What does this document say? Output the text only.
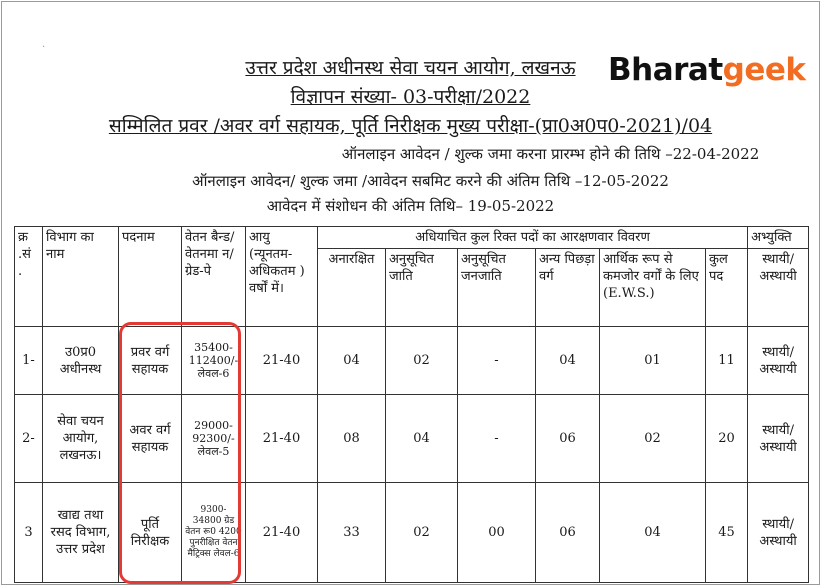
·
उत्तर प्रदेश अधीनस्थ सेवा चयन आयोग, लखनऊ
विज्ञापन संख्या- 03-परीक्षा/2022
सम्मिलित प्रवर /अवर वर्ग सहायक, पूर्ति निरीक्षक मुख्य परीक्षा-(प्रा0अ0प0-2021)/04
ऑनलाइन आवेदन / शुल्क जमा करना प्रारम्भ होने की तिथि –22-04-2022
ऑनलाइन आवेदन/ शुल्क जमा /आवेदन सबमिट करने की अंतिम तिथि –12-05-2022
आवेदन में संशोधन की अंतिम तिथि– 19-05-2022
Bharatgeek
क्र .सं .	विभाग का नाम	पदनाम	वेतन बैन्ड/ वेतनमा न/ग्रेड-पे	आयु (न्यूनतम- अधिकतम ) वर्षों में।	अधियाचित कुल रिक्त पदों का आरक्षणवार विवरण						अभ्युक्ति
					अनारक्षित	अनुसूचित जाति	अनुसूचित जनजाति	अन्य पिछड़ा वर्ग	आर्थिक रूप से कमजोर वर्गों के लिए (E.W.S.)	कुल पद	स्थायी/ अस्थायी
1-	उ0प्र0 अधीनस्थ	प्रवर वर्ग सहायक	35400- 112400/- लेवल-6	21-40	04	02	-	04	01	11	स्थायी/ अस्थायी
2-	सेवा चयन आयोग, लखनऊ।	अवर वर्ग सहायक	29000- 92300/- लेवल-5	21-40	08	04	-	06	02	20	स्थायी/ अस्थायी
3	खाद्य तथा रसद विभाग, उत्तर प्रदेश	पूर्ति निरीक्षक	9300- 34800 ग्रेड वेतन रू0 4200 पुनरीक्षित वेतन मैट्रिक्स लेवल-6	21-40	33	02	00	06	04	45	स्थायी/ अस्थायी
